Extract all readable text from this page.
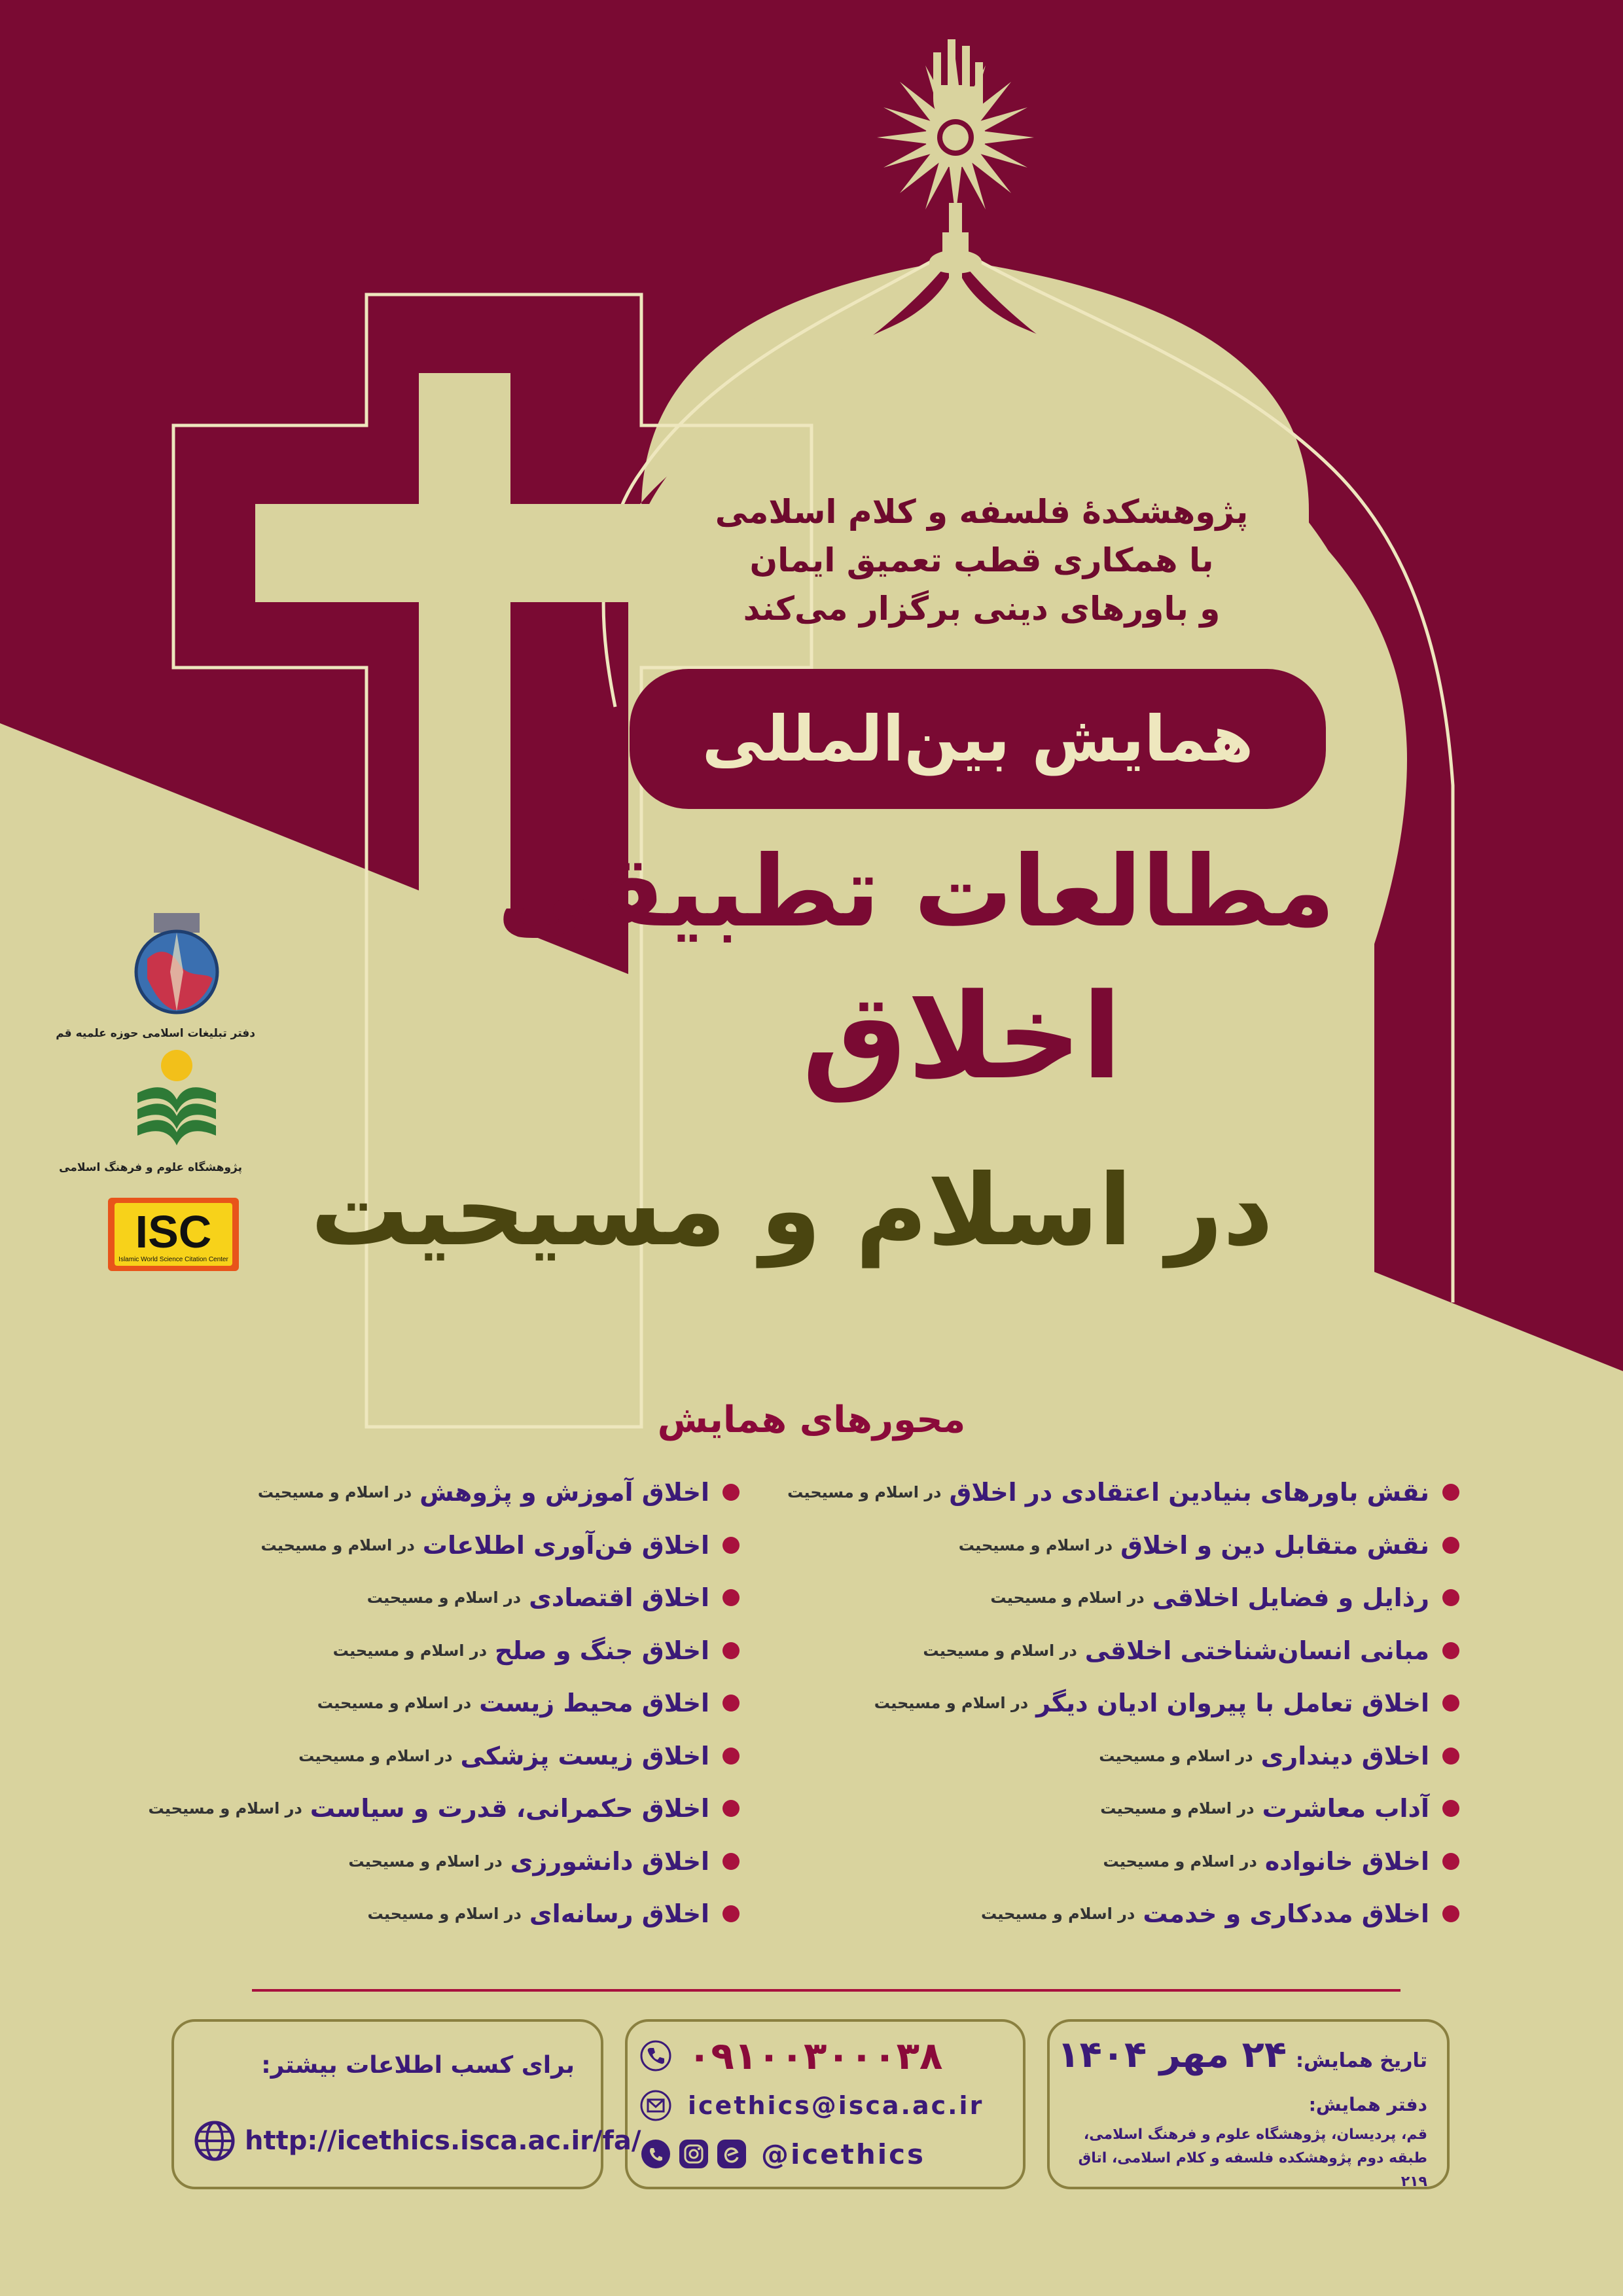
پژوهشکدۀ فلسفه و کلام اسلامی
با همکاری قطب تعمیق ایمان
و باورهای دینی برگزار می‌کند
همایش بین‌المللی
مطالعات تطبیقی
اخلاق
در اسلام و مسیحیت
دفتر تبلیغات اسلامی حوزه علمیه قم
پژوهشگاه علوم و فرهنگ اسلامی
ISC
Islamic World Science Citation Center
محورهای همایش
نقش باورهای بنیادین اعتقادی در اخلاق
در اسلام و مسیحیت
نقش متقابل دین و اخلاق
در اسلام و مسیحیت
رذایل و فضایل اخلاقی
در اسلام و مسیحیت
مبانی انسان‌شناختی اخلاقی
در اسلام و مسیحیت
اخلاق تعامل با پیروان ادیان دیگر
در اسلام و مسیحیت
اخلاق دینداری
در اسلام و مسیحیت
آداب معاشرت
در اسلام و مسیحیت
اخلاق خانواده
در اسلام و مسیحیت
اخلاق مددکاری و خدمت
در اسلام و مسیحیت
اخلاق آموزش و پژوهش
در اسلام و مسیحیت
اخلاق فن‌آوری اطلاعات
در اسلام و مسیحیت
اخلاق اقتصادی
در اسلام و مسیحیت
اخلاق جنگ و صلح
در اسلام و مسیحیت
اخلاق محیط زیست
در اسلام و مسیحیت
اخلاق زیست پزشکی
در اسلام و مسیحیت
اخلاق حکمرانی، قدرت و سیاست
در اسلام و مسیحیت
اخلاق دانشورزی
در اسلام و مسیحیت
اخلاق رسانه‌ای
در اسلام و مسیحیت
تاریخ همایش:
۲۴ مهر ۱۴۰۴
دفتر همایش:
قم، پردیسان، پژوهشگاه علوم و فرهنگ اسلامی، طبقه دوم پژوهشکده فلسفه و کلام اسلامی، اتاق ۲۱۹
۰۹۱۰۰۳۰۰۰۳۸
icethics@isca.ac.ir
@icethics
برای کسب اطلاعات بیشتر:
http://icethics.isca.ac.ir/fa/
